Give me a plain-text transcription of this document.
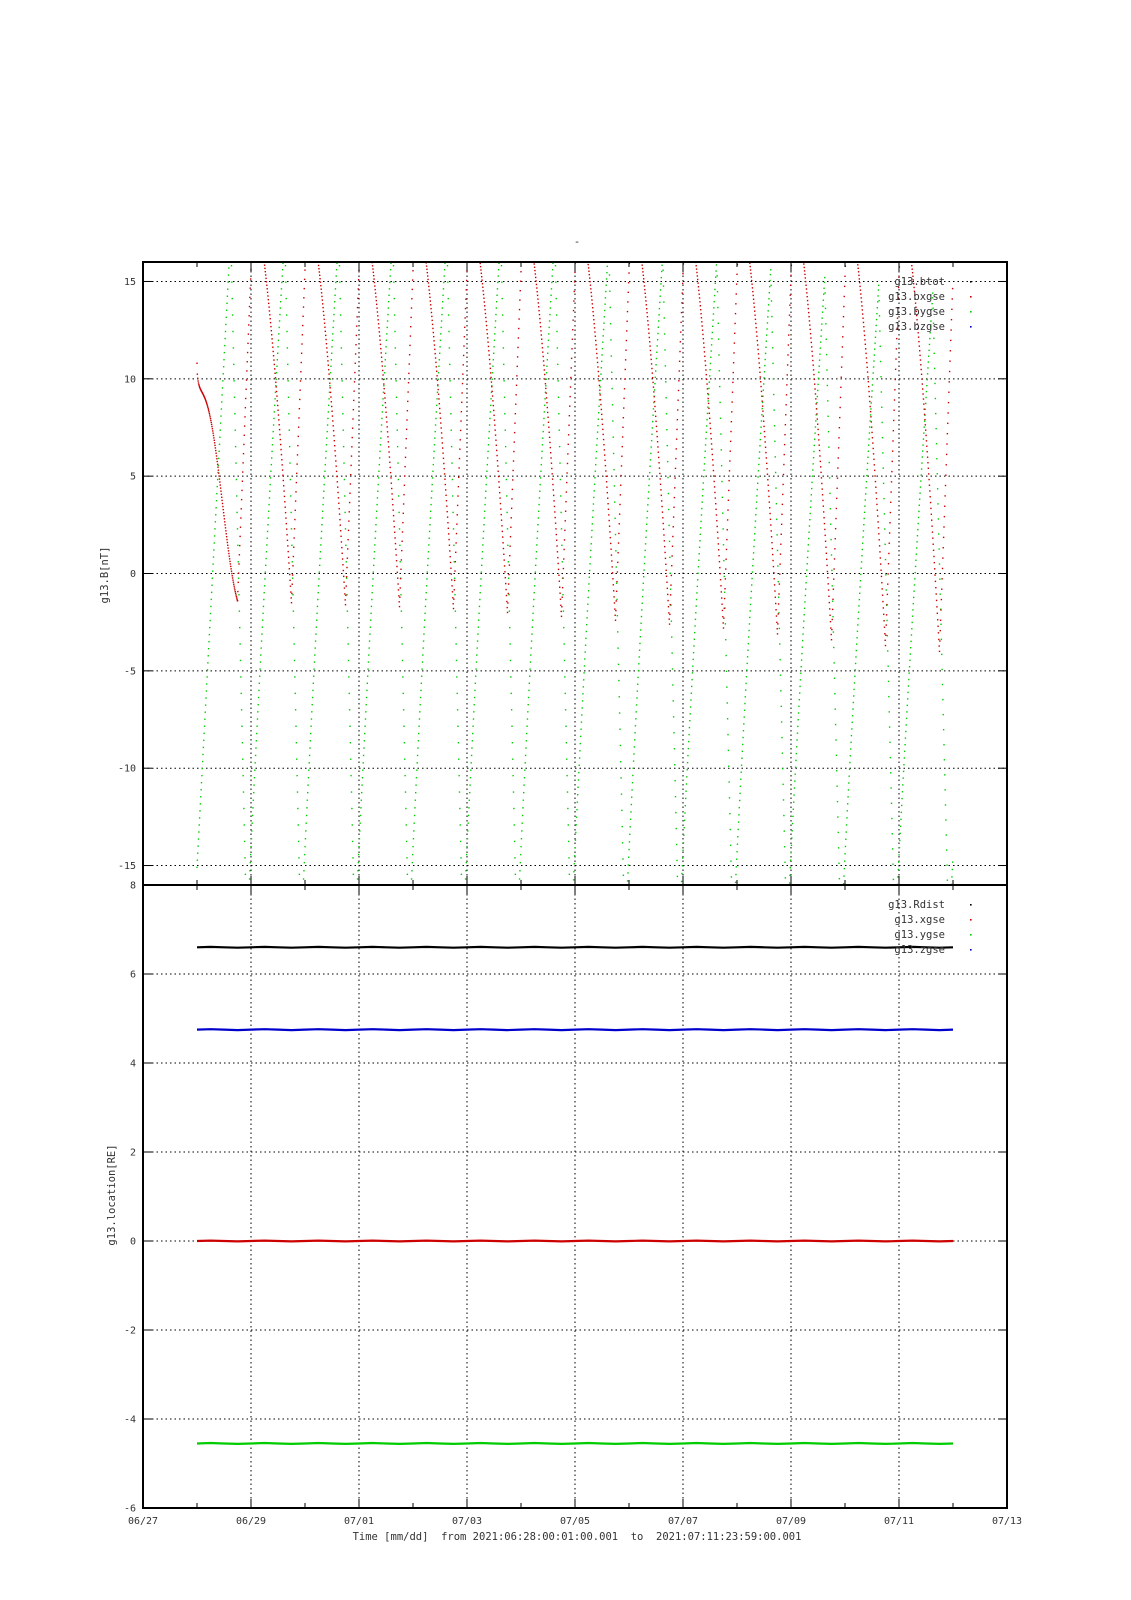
-
-15
-10
-5
0
5
10
15
g13.B[nT]
g13.btot
g13.bxgse
g13.bygse
g13.bzgse
-6
-4
-2
0
2
4
6
8
g13.location[RE]
g13.Rdist
g13.xgse
g13.ygse
g13.zgse
06/27	06/29	07/01	07/03	07/05	07/07	07/09	07/11	07/13
Time [mm/dd]  from 2021:06:28:00:01:00.001  to  2021:07:11:23:59:00.001
